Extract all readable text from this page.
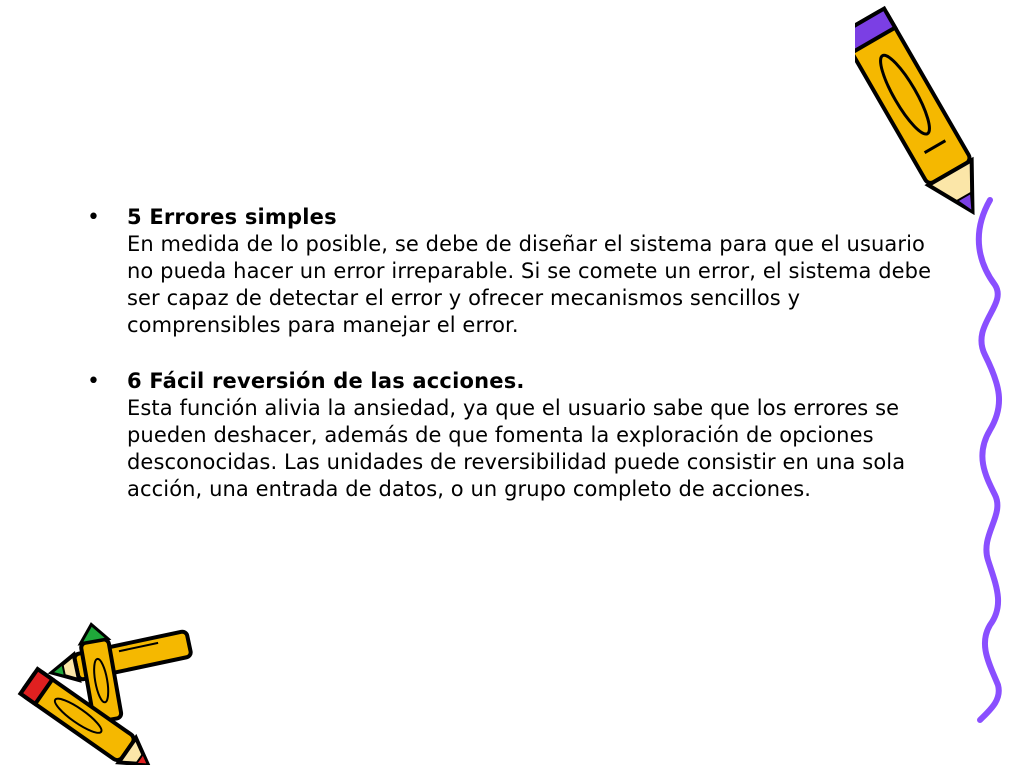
• 5 Errores simples
En medida de lo posible, se debe de diseñar el sistema para que el usuario no pueda hacer un error irreparable. Si se comete un error, el sistema debe ser capaz de detectar el error y ofrecer mecanismos sencillos y comprensibles para manejar el error.
• 6 Fácil reversión de las acciones.
Esta función alivia la ansiedad, ya que el usuario sabe que los errores se pueden deshacer, además de que fomenta la exploración de opciones desconocidas. Las unidades de reversibilidad puede consistir en una sola acción, una entrada de datos, o un grupo completo de acciones.
